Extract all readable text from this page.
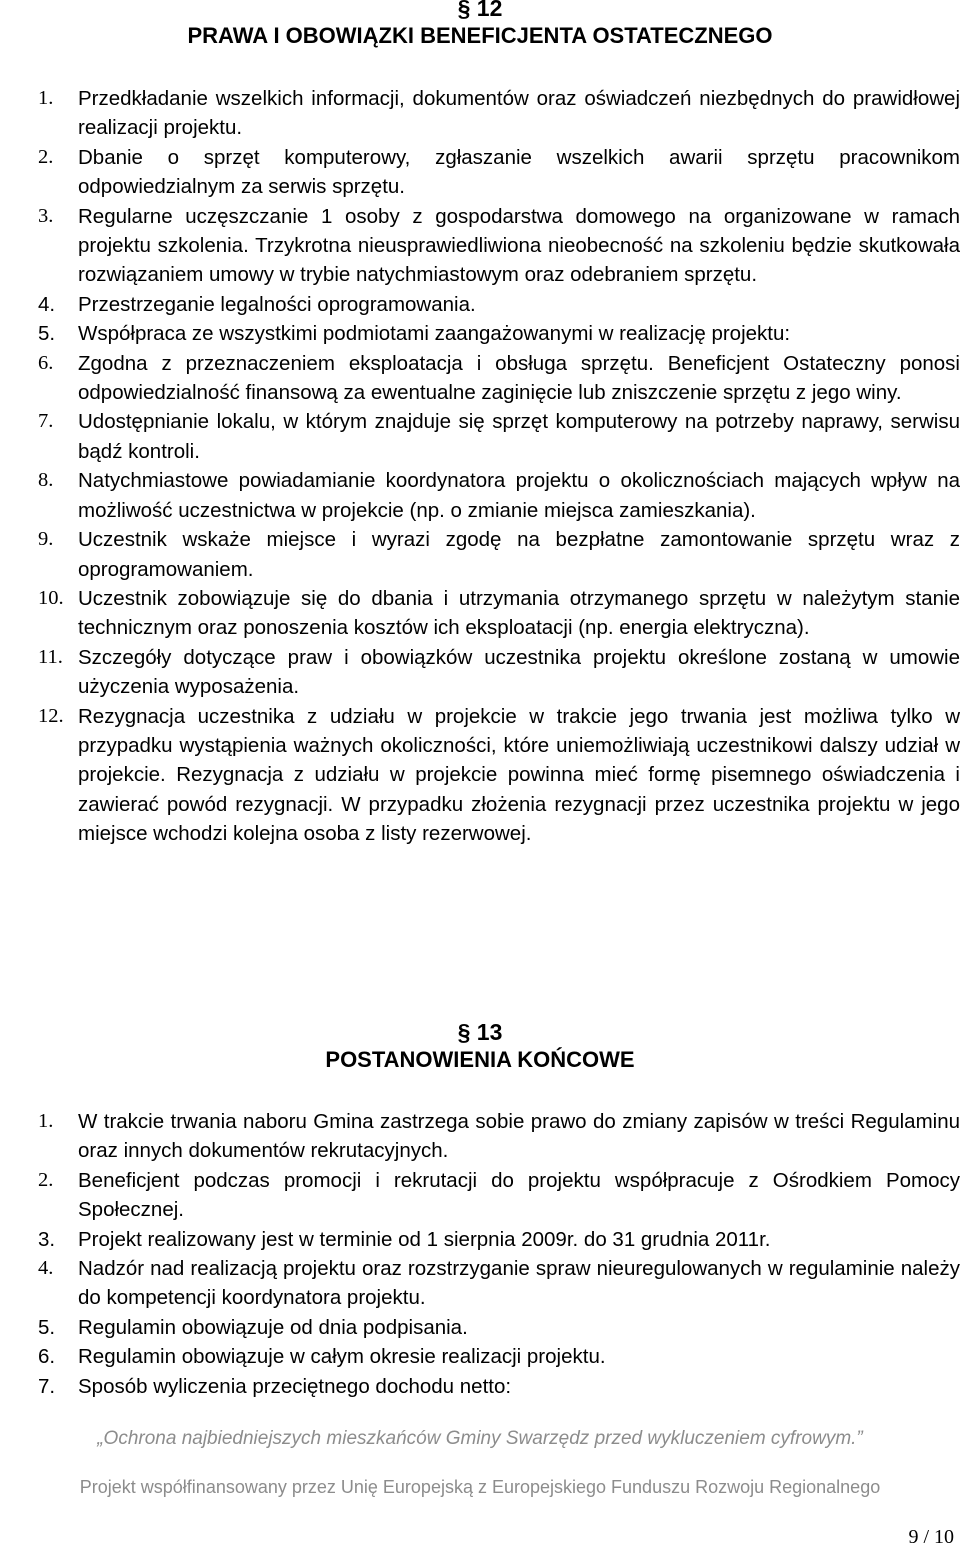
§ 12
PRAWA I OBOWIĄZKI BENEFICJENTA OSTATECZNEGO
1. Przedkładanie wszelkich informacji, dokumentów oraz oświadczeń niezbędnych do prawidłowej realizacji projektu.
2. Dbanie o sprzęt komputerowy, zgłaszanie wszelkich awarii sprzętu pracownikom odpowiedzialnym za serwis sprzętu.
3. Regularne uczęszczanie 1 osoby z gospodarstwa domowego na organizowane w ramach projektu szkolenia. Trzykrotna nieusprawiedliwiona nieobecność na szkoleniu będzie skutkowała rozwiązaniem umowy w trybie natychmiastowym oraz odebraniem sprzętu.
4. Przestrzeganie legalności oprogramowania.
5. Współpraca ze wszystkimi podmiotami zaangażowanymi w realizację projektu:
6. Zgodna z przeznaczeniem eksploatacja i obsługa sprzętu. Beneficjent Ostateczny ponosi odpowiedzialność finansową za ewentualne zaginięcie lub zniszczenie sprzętu z jego winy.
7. Udostępnianie lokalu, w którym znajduje się sprzęt komputerowy na potrzeby naprawy, serwisu bądź kontroli.
8. Natychmiastowe powiadamianie koordynatora projektu o okolicznościach mających wpływ na możliwość uczestnictwa w projekcie (np. o zmianie miejsca zamieszkania).
9. Uczestnik wskaże miejsce i wyrazi zgodę na bezpłatne zamontowanie sprzętu wraz z oprogramowaniem.
10. Uczestnik zobowiązuje się do dbania i utrzymania otrzymanego sprzętu w należytym stanie technicznym oraz ponoszenia kosztów ich eksploatacji (np. energia elektryczna).
11. Szczegóły dotyczące praw i obowiązków uczestnika projektu określone zostaną w umowie użyczenia wyposażenia.
12. Rezygnacja uczestnika z udziału w projekcie w trakcie jego trwania jest możliwa tylko w przypadku wystąpienia ważnych okoliczności, które uniemożliwiają uczestnikowi dalszy udział w projekcie. Rezygnacja z udziału w projekcie powinna mieć formę pisemnego oświadczenia i zawierać powód rezygnacji. W przypadku złożenia rezygnacji przez uczestnika projektu w jego miejsce wchodzi kolejna osoba z listy rezerwowej.
§ 13
POSTANOWIENIA KOŃCOWE
1. W trakcie trwania naboru Gmina zastrzega sobie prawo do zmiany zapisów w treści Regulaminu oraz innych dokumentów rekrutacyjnych.
2. Beneficjent podczas promocji i rekrutacji do projektu współpracuje z Ośrodkiem Pomocy Społecznej.
3. Projekt realizowany jest w terminie od 1 sierpnia 2009r. do 31 grudnia 2011r.
4. Nadzór nad realizacją projektu oraz rozstrzyganie spraw nieuregulowanych w regulaminie należy do kompetencji koordynatora projektu.
5. Regulamin obowiązuje od dnia podpisania.
6. Regulamin obowiązuje w całym okresie realizacji projektu.
7. Sposób wyliczenia przeciętnego dochodu netto:
„Ochrona najbiedniejszych mieszkańców Gminy Swarzędz przed wykluczeniem cyfrowym.”
Projekt współfinansowany przez Unię Europejską z Europejskiego Funduszu Rozwoju Regionalnego
9 / 10
